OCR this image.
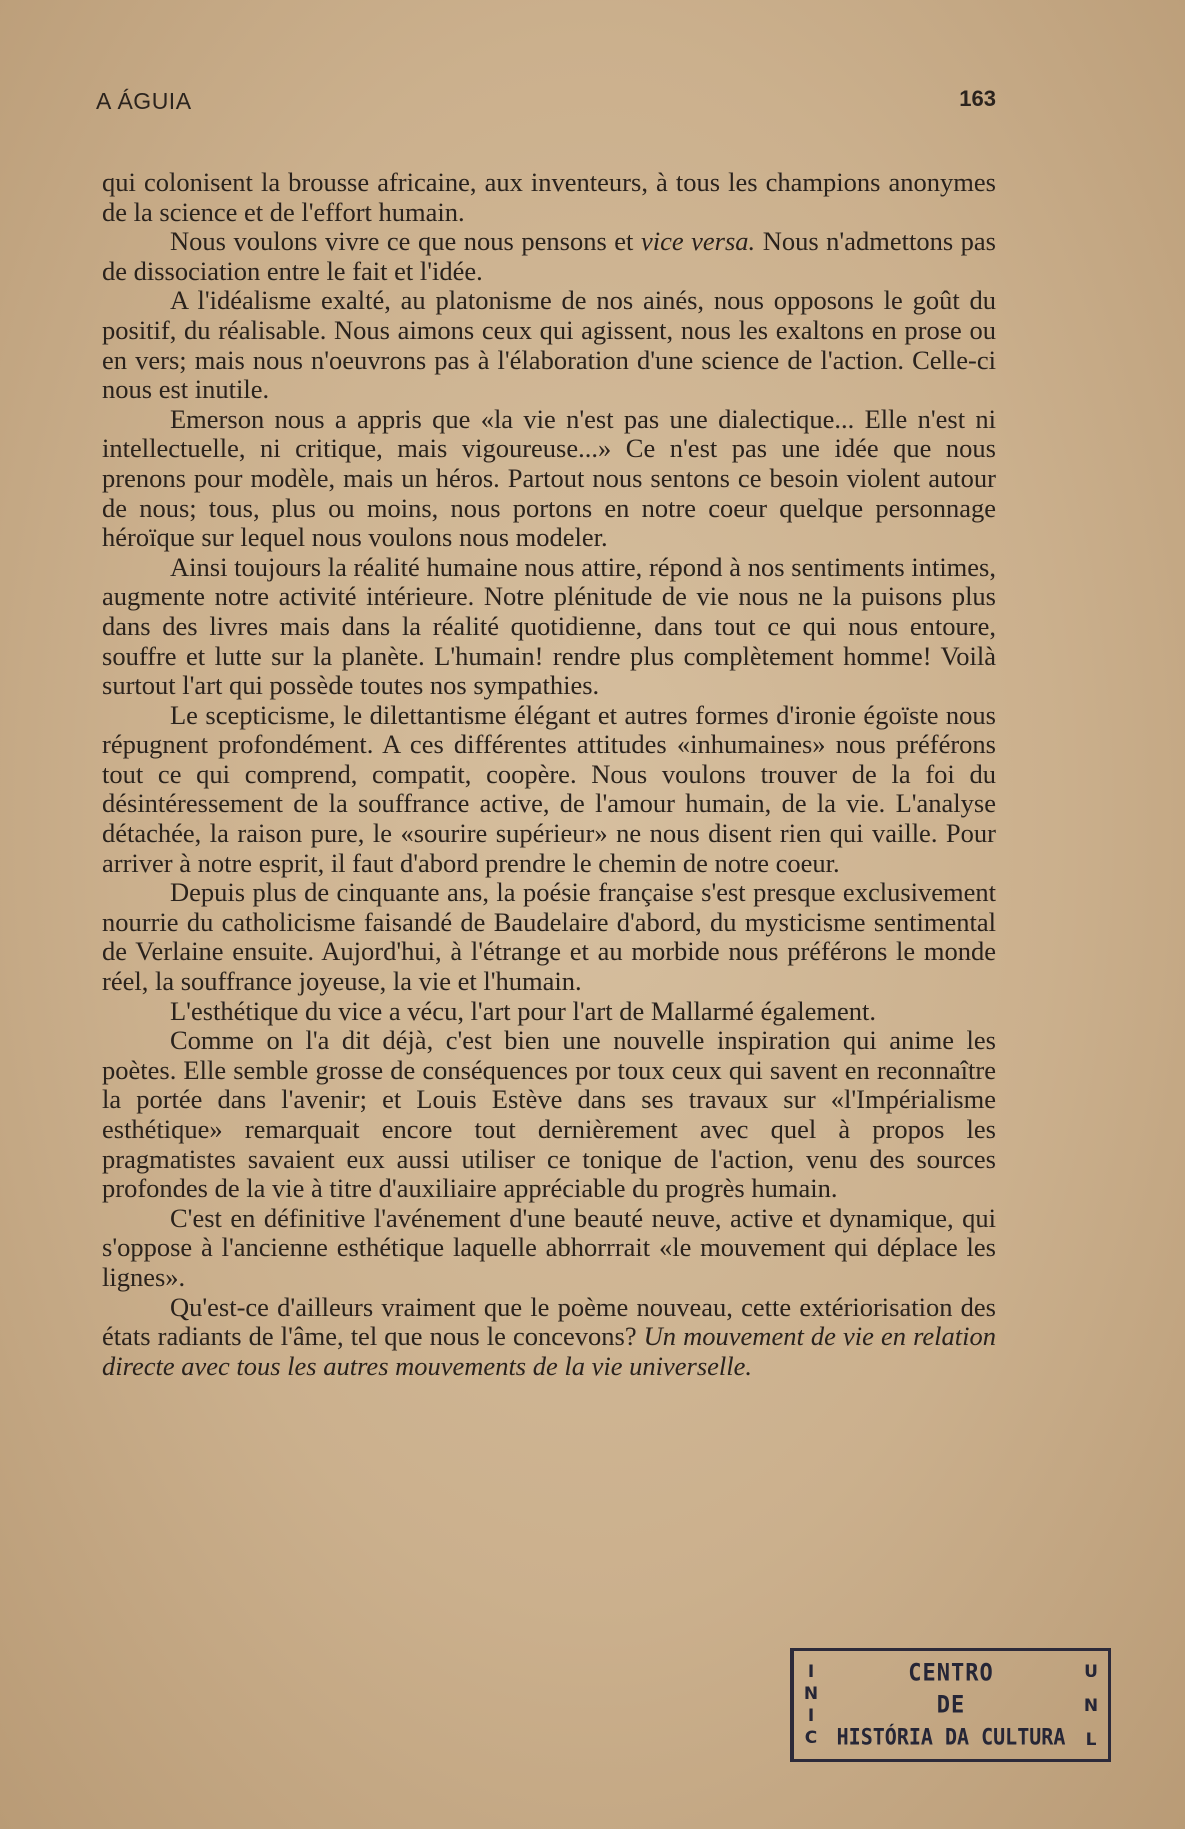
A ÁGUIA	163

qui colonisent la brousse africaine, aux inventeurs, à tous les champions anonymes de la science et de l'effort humain.

Nous voulons vivre ce que nous pensons et vice versa. Nous n'admettons pas de dissociation entre le fait et l'idée.

A l'idéalisme exalté, au platonisme de nos ainés, nous opposons le goût du positif, du réalisable. Nous aimons ceux qui agissent, nous les exaltons en prose ou en vers; mais nous n'oeuvrons pas à l'élaboration d'une science de l'action. Celle-ci nous est inutile.

Emerson nous a appris que «la vie n'est pas une dialectique... Elle n'est ni intellectuelle, ni critique, mais vigoureuse...» Ce n'est pas une idée que nous prenons pour modèle, mais un héros. Partout nous sentons ce besoin violent autour de nous; tous, plus ou moins, nous portons en notre coeur quelque personnage héroïque sur lequel nous voulons nous modeler.

Ainsi toujours la réalité humaine nous attire, répond à nos sentiments intimes, augmente notre activité intérieure. Notre plénitude de vie nous ne la puisons plus dans des livres mais dans la réalité quotidienne, dans tout ce qui nous entoure, souffre et lutte sur la planète. L'humain! rendre plus complètement homme! Voilà surtout l'art qui possède toutes nos sympathies.

Le scepticisme, le dilettantisme élégant et autres formes d'ironie égoïste nous répugnent profondément. A ces différentes attitudes «inhumaines» nous préférons tout ce qui comprend, compatit, coopère. Nous voulons trouver de la foi du désintéressement de la souffrance active, de l'amour humain, de la vie. L'analyse détachée, la raison pure, le «sourire supérieur» ne nous disent rien qui vaille. Pour arriver à notre esprit, il faut d'abord prendre le chemin de notre coeur.

Depuis plus de cinquante ans, la poésie française s'est presque exclusivement nourrie du catholicisme faisandé de Baudelaire d'abord, du mysticisme sentimental de Verlaine ensuite. Aujord'hui, à l'étrange et au morbide nous préférons le monde réel, la souffrance joyeuse, la vie et l'humain.

L'esthétique du vice a vécu, l'art pour l'art de Mallarmé également.

Comme on l'a dit déjà, c'est bien une nouvelle inspiration qui anime les poètes. Elle semble grosse de conséquences por toux ceux qui savent en reconnaître la portée dans l'avenir; et Louis Estève dans ses travaux sur «l'Impérialisme esthétique» remarquait encore tout dernièrement avec quel à propos les pragmatistes savaient eux aussi utiliser ce tonique de l'action, venu des sources profondes de la vie à titre d'auxiliaire appréciable du progrès humain.

C'est en définitive l'avénement d'une beauté neuve, active et dynamique, qui s'oppose à l'ancienne esthétique laquelle abhorrrait «le mouvement qui déplace les lignes».

Qu'est-ce d'ailleurs vraiment que le poème nouveau, cette extériorisation des états radiants de l'âme, tel que nous le concevons? Un mouvement de vie en relation directe avec tous les autres mouvements de la vie universelle.

I
N
I
C
CENTRO
DE
HISTÓRIA DA CULTURA
U
N
L
